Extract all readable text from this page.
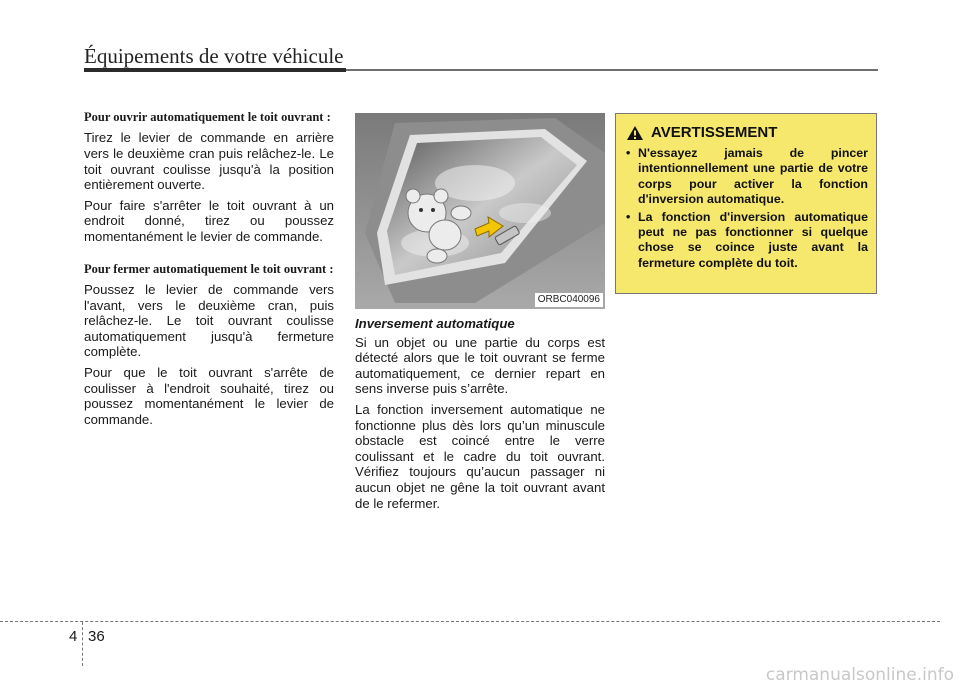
Équipements de votre véhicule

Pour ouvrir automatiquement le toit ouvrant :

Tirez le levier de commande en arrière vers le deuxième cran puis relâchez-le. Le toit ouvrant coulisse jusqu'à la position entièrement ouverte.

Pour faire s'arrêter le toit ouvrant à un endroit donné, tirez ou poussez momentanément le levier de commande.

Pour fermer automatiquement le toit ouvrant :

Poussez le levier de commande vers l'avant, vers le deuxième cran, puis relâchez-le. Le toit ouvrant coulisse automatiquement jusqu'à fermeture complète.

Pour que le toit ouvrant s'arrête de coulisser à l'endroit souhaité, tirez ou poussez momentanément le levier de commande.

ORBC040096

Inversement automatique

Si un objet ou une partie du corps est détecté alors que le toit ouvrant se ferme automatiquement, ce dernier repart en sens inverse puis s’arrête.

La fonction inversement automatique ne fonctionne plus dès lors qu’un minuscule obstacle est coincé entre le verre coulissant et le cadre du toit ouvrant. Vérifiez toujours qu’aucun passager ni aucun objet ne gêne la toit ouvrant avant de le refermer.

AVERTISSEMENT
• N'essayez jamais de pincer intentionnellement une partie de votre corps pour activer la fonction d'inversion automatique.
• La fonction d'inversion automatique peut ne pas fonctionner si quelque chose se coince juste avant la fermeture complète du toit.
4 36
carmanualsonline.info
